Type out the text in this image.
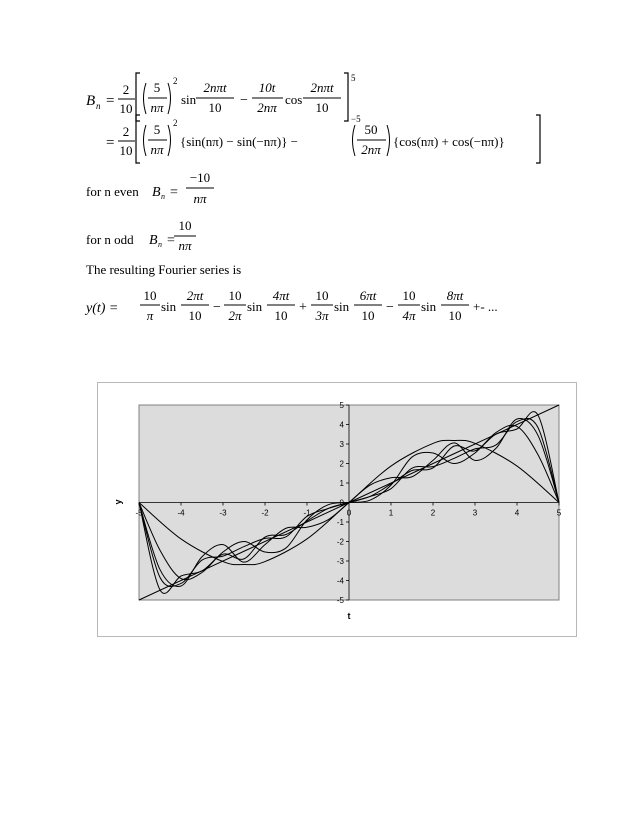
B n =
2
10
5
nπ
2
sin
2nπt
10 −
10t
2nπ
cos
2nπt
10
5
−5
=
2
10
5
nπ
2
{sin(nπ) − sin(−nπ)} −
50
2nπ
{cos(nπ) + cos(−nπ)}
for n even B n =
−10
nπ
for n odd B n =
10
nπ
The resulting Fourier series is
y(t) =
10
π
sin
2πt
10
−
10
2π
sin
4πt
10
+
10
3π
sin
6πt
10
−
10
4π
sin
8πt
10
+- ...
-5	-4	-3	-2	-1	0	1	2	3	4	5
-5
-4
-3
-2
-1
0
1
2
3
4
5
t
y
